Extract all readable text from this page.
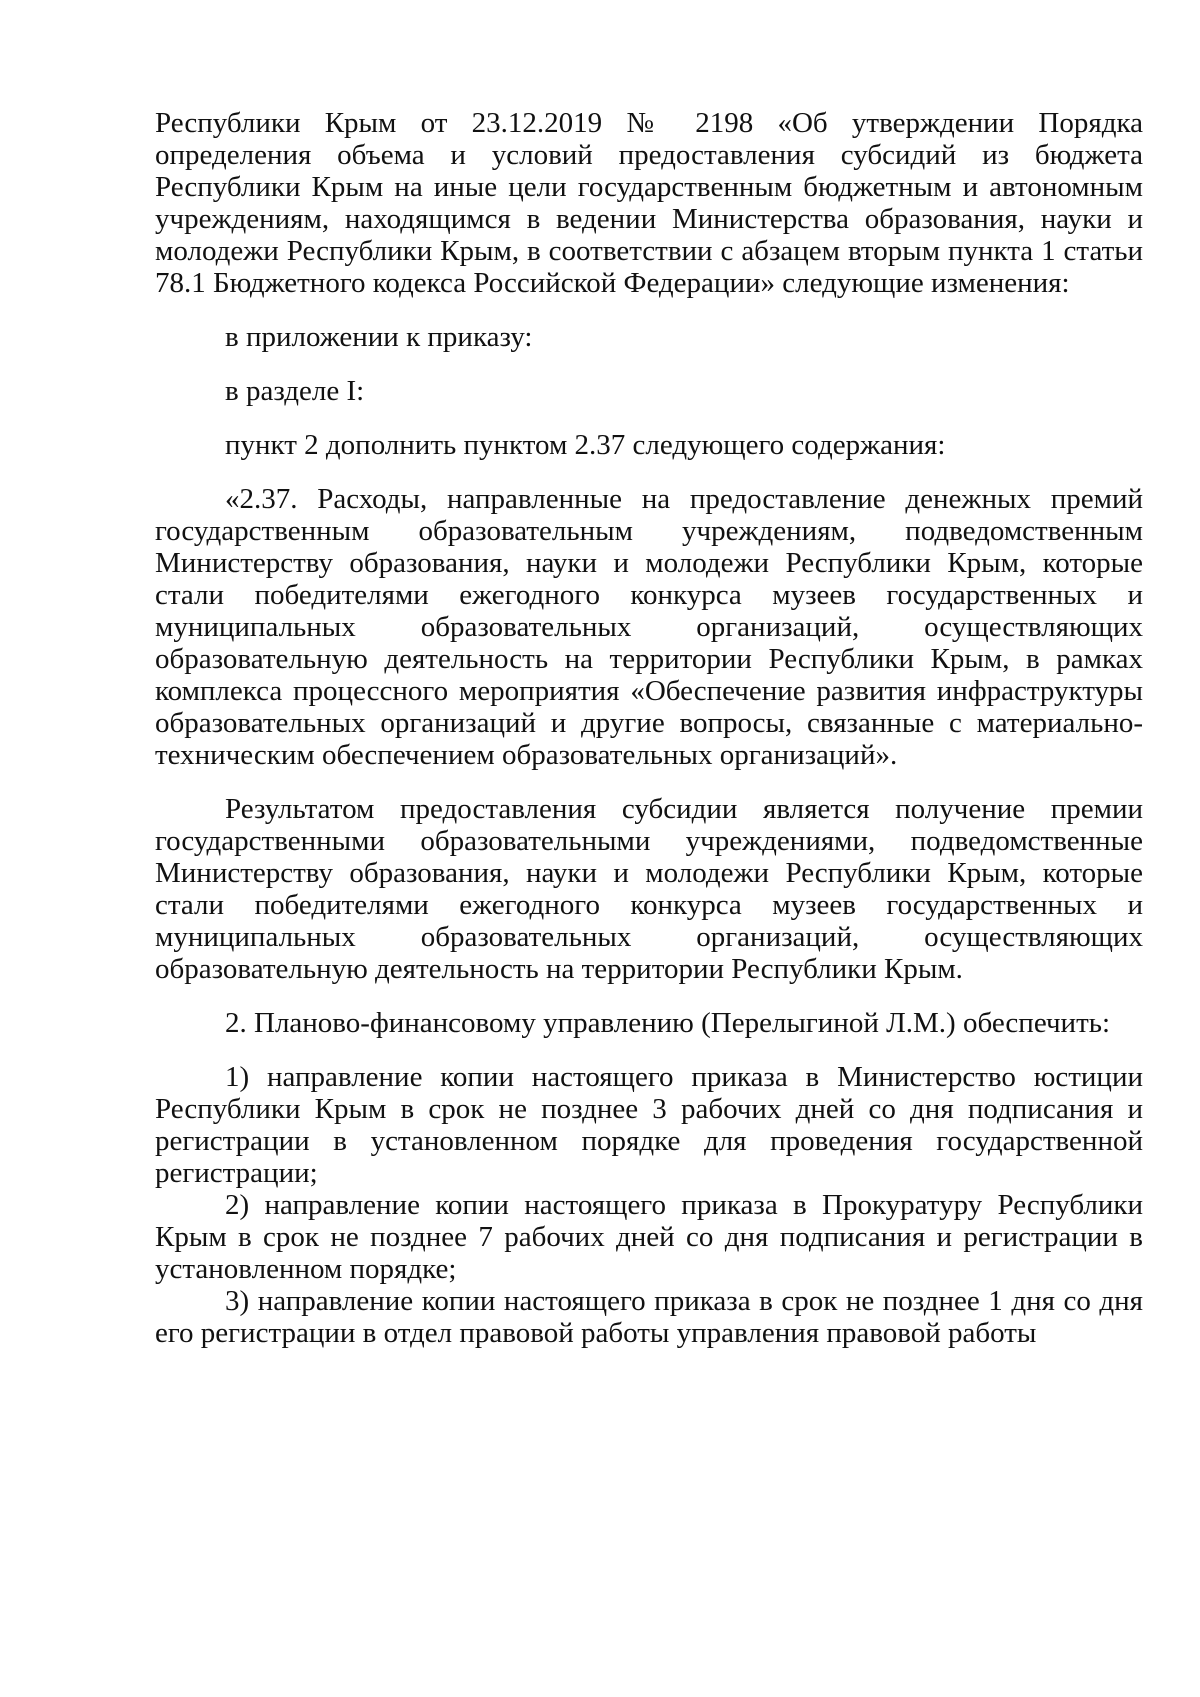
Республики Крым от 23.12.2019 № 2198 «Об утверждении Порядка определения объема и условий предоставления субсидий из бюджета Республики Крым на иные цели государственным бюджетным и автономным учреждениям, находящимся в ведении Министерства образования, науки и молодежи Республики Крым, в соответствии с абзацем вторым пункта 1 статьи 78.1 Бюджетного кодекса Российской Федерации» следующие изменения:

в приложении к приказу:

в разделе I:

пункт 2 дополнить пунктом 2.37 следующего содержания:

«2.37. Расходы, направленные на предоставление денежных премий государственным образовательным учреждениям, подведомственным Министерству образования, науки и молодежи Республики Крым, которые стали победителями ежегодного конкурса музеев государственных и муниципальных образовательных организаций, осуществляющих образовательную деятельность на территории Республики Крым, в рамках комплекса процессного мероприятия «Обеспечение развития инфраструктуры образовательных организаций и другие вопросы, связанные с материально-техническим обеспечением образовательных организаций».

Результатом предоставления субсидии является получение премии государственными образовательными учреждениями, подведомственные Министерству образования, науки и молодежи Республики Крым, которые стали победителями ежегодного конкурса музеев государственных и муниципальных образовательных организаций, осуществляющих образовательную деятельность на территории Республики Крым.

2. Планово-финансовому управлению (Перелыгиной Л.М.) обеспечить:

1) направление копии настоящего приказа в Министерство юстиции Республики Крым в срок не позднее 3 рабочих дней со дня подписания и регистрации в установленном порядке для проведения государственной регистрации;

2) направление копии настоящего приказа в Прокуратуру Республики Крым в срок не позднее 7 рабочих дней со дня подписания и регистрации в установленном порядке;

3) направление копии настоящего приказа в срок не позднее 1 дня со дня его регистрации в отдел правовой работы управления правовой работы
